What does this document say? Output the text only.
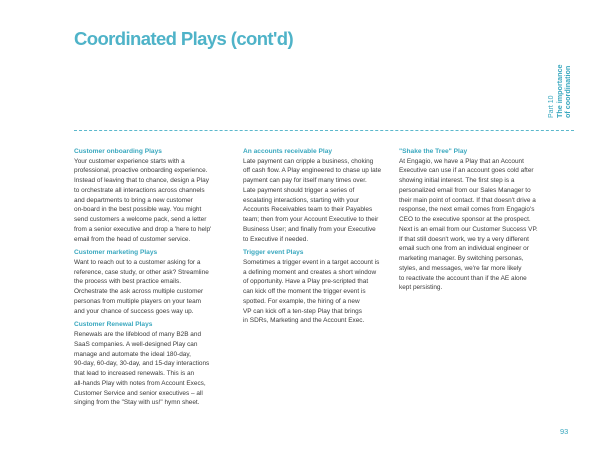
Coordinated Plays (cont'd)
Part 10 The importance of coordination

Customer onboarding Plays

Your customer experience starts with a
professional, proactive onboarding experience.
Instead of leaving that to chance, design a Play
to orchestrate all interactions across channels
and departments to bring a new customer
on-board in the best possible way. You might
send customers a welcome pack, send a letter
from a senior executive and drop a 'here to help'
email from the head of customer service.

Customer marketing Plays

Want to reach out to a customer asking for a
reference, case study, or other ask? Streamline
the process with best practice emails.
Orchestrate the ask across multiple customer
personas from multiple players on your team
and your chance of success goes way up.

Customer Renewal Plays

Renewals are the lifeblood of many B2B and
SaaS companies. A well-designed Play can
manage and automate the ideal 180-day,
90-day, 60-day, 30-day, and 15-day interactions
that lead to increased renewals. This is an
all-hands Play with notes from Account Execs,
Customer Service and senior executives – all
singing from the "Stay with us!" hymn sheet.

An accounts receivable Play

Late payment can cripple a business, choking
off cash flow. A Play engineered to chase up late
payment can pay for itself many times over.
Late payment should trigger a series of
escalating interactions, starting with your
Accounts Receivables team to their Payables
team; then from your Account Executive to their
Business User; and finally from your Executive
to Executive if needed.

Trigger event Plays

Sometimes a trigger event in a target account is
a defining moment and creates a short window
of opportunity. Have a Play pre-scripted that
can kick off the moment the trigger event is
spotted. For example, the hiring of a new
VP can kick off a ten-step Play that brings
in SDRs, Marketing and the Account Exec.

"Shake the Tree" Play

At Engagio, we have a Play that an Account
Executive can use if an account goes cold after
showing initial interest. The first step is a
personalized email from our Sales Manager to
their main point of contact. If that doesn't drive a
response, the next email comes from Engagio's
CEO to the executive sponsor at the prospect.
Next is an email from our Customer Success VP.
If that still doesn't work, we try a very different
email such one from an individual engineer or
marketing manager. By switching personas,
styles, and messages, we're far more likely
to reactivate the account than if the AE alone
kept persisting.
93
